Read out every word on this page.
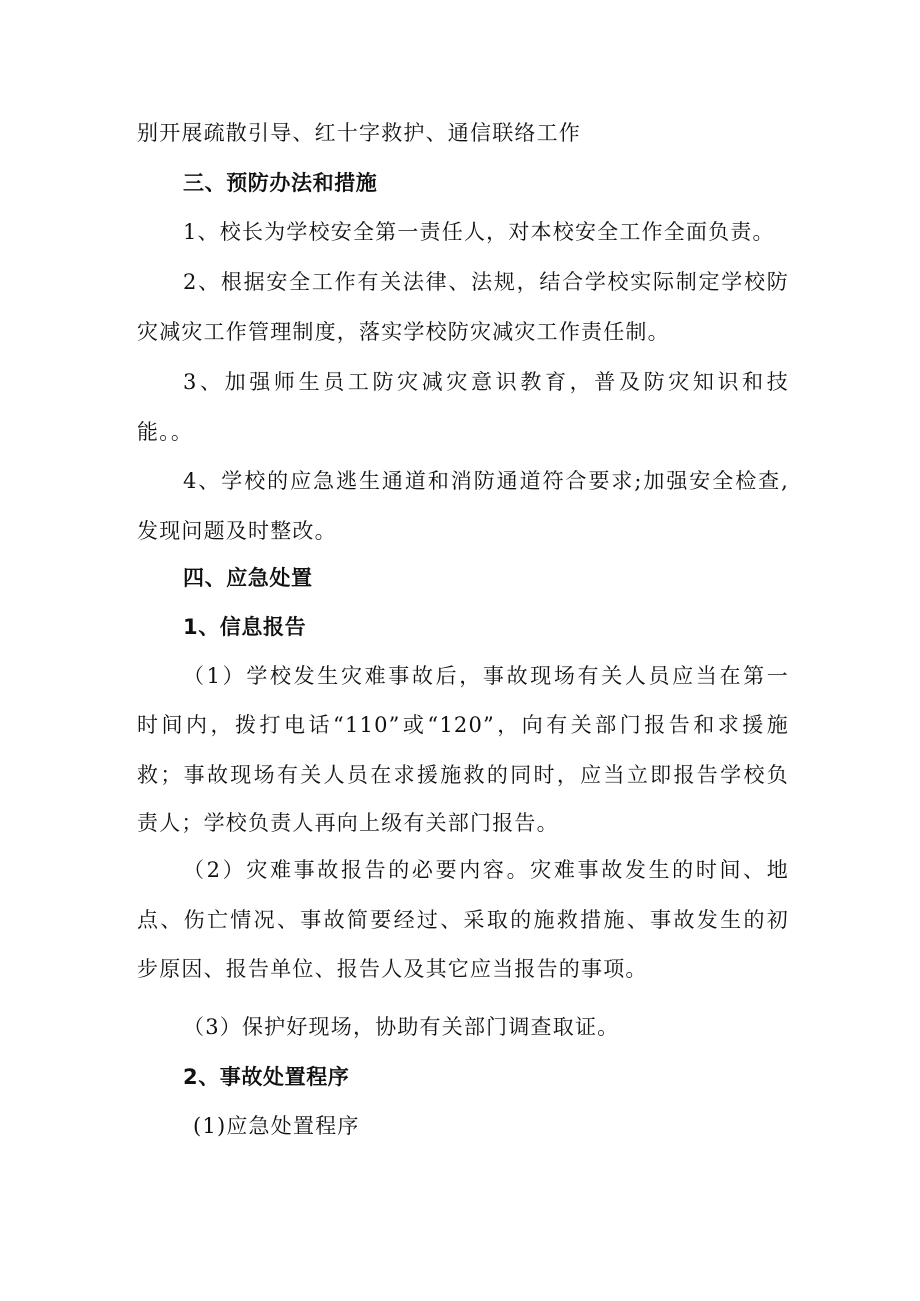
别开展疏散引导、红十字救护、通信联络工作
三、预防办法和措施
1、校长为学校安全第一责任人，对本校安全工作全面负责。
2、根据安全工作有关法律、法规，结合学校实际制定学校防
灾减灾工作管理制度，落实学校防灾减灾工作责任制。
3、加强师生员工防灾减灾意识教育，普及防灾知识和技
能。。
4、学校的应急逃生通道和消防通道符合要求;加强安全检查,
发现问题及时整改。
四、应急处置
1、信息报告
（1）学校发生灾难事故后，事故现场有关人员应当在第一
时间内，拨打电话“110”或“120”，向有关部门报告和求援施
救；事故现场有关人员在求援施救的同时，应当立即报告学校负
责人；学校负责人再向上级有关部门报告。
（2）灾难事故报告的必要内容。灾难事故发生的时间、地
点、伤亡情况、事故简要经过、采取的施救措施、事故发生的初
步原因、报告单位、报告人及其它应当报告的事项。
（3）保护好现场，协助有关部门调查取证。
2、事故处置程序
(1)应急处置程序
